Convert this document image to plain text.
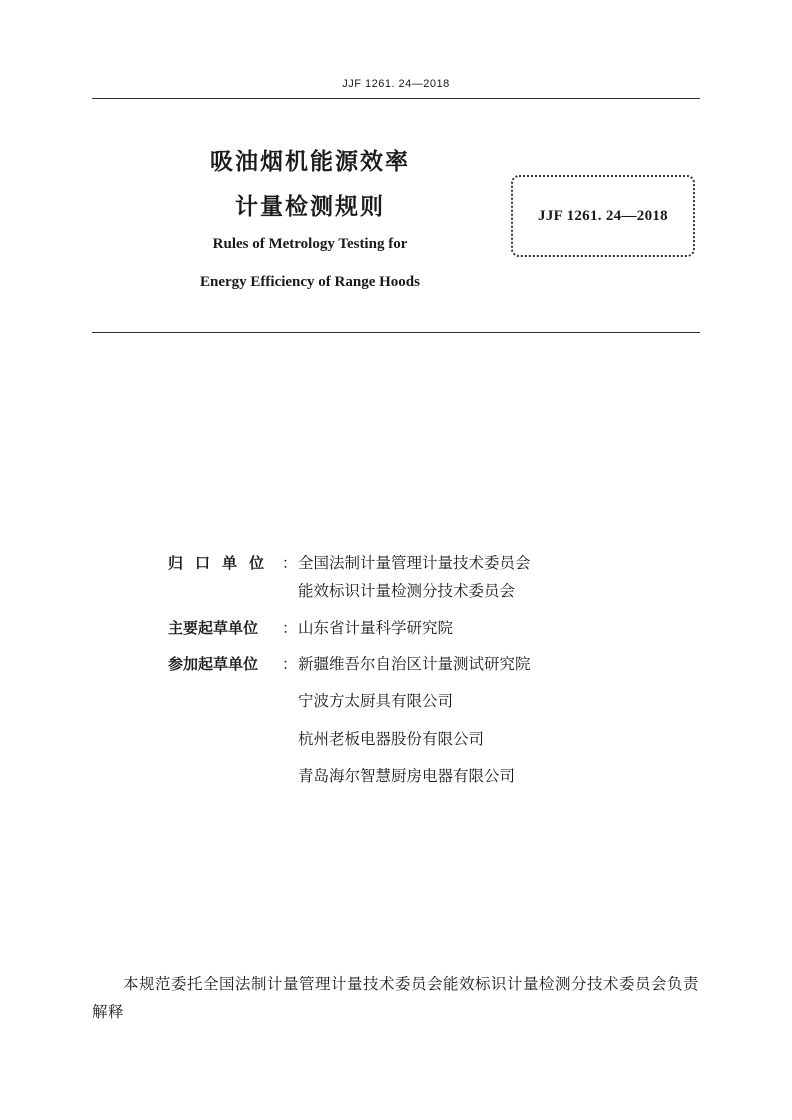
JJF 1261. 24—2018
吸油烟机能源效率
计量检测规则
Rules of Metrology Testing for
Energy Efficiency of Range Hoods
JJF 1261. 24—2018
归口单位 ： 全国法制计量管理计量技术委员会
能效标识计量检测分技术委员会
主要起草单位 ： 山东省计量科学研究院
参加起草单位 ： 新疆维吾尔自治区计量测试研究院
宁波方太厨具有限公司
杭州老板电器股份有限公司
青岛海尔智慧厨房电器有限公司
本规范委托全国法制计量管理计量技术委员会能效标识计量检测分技术委员会负责解释
